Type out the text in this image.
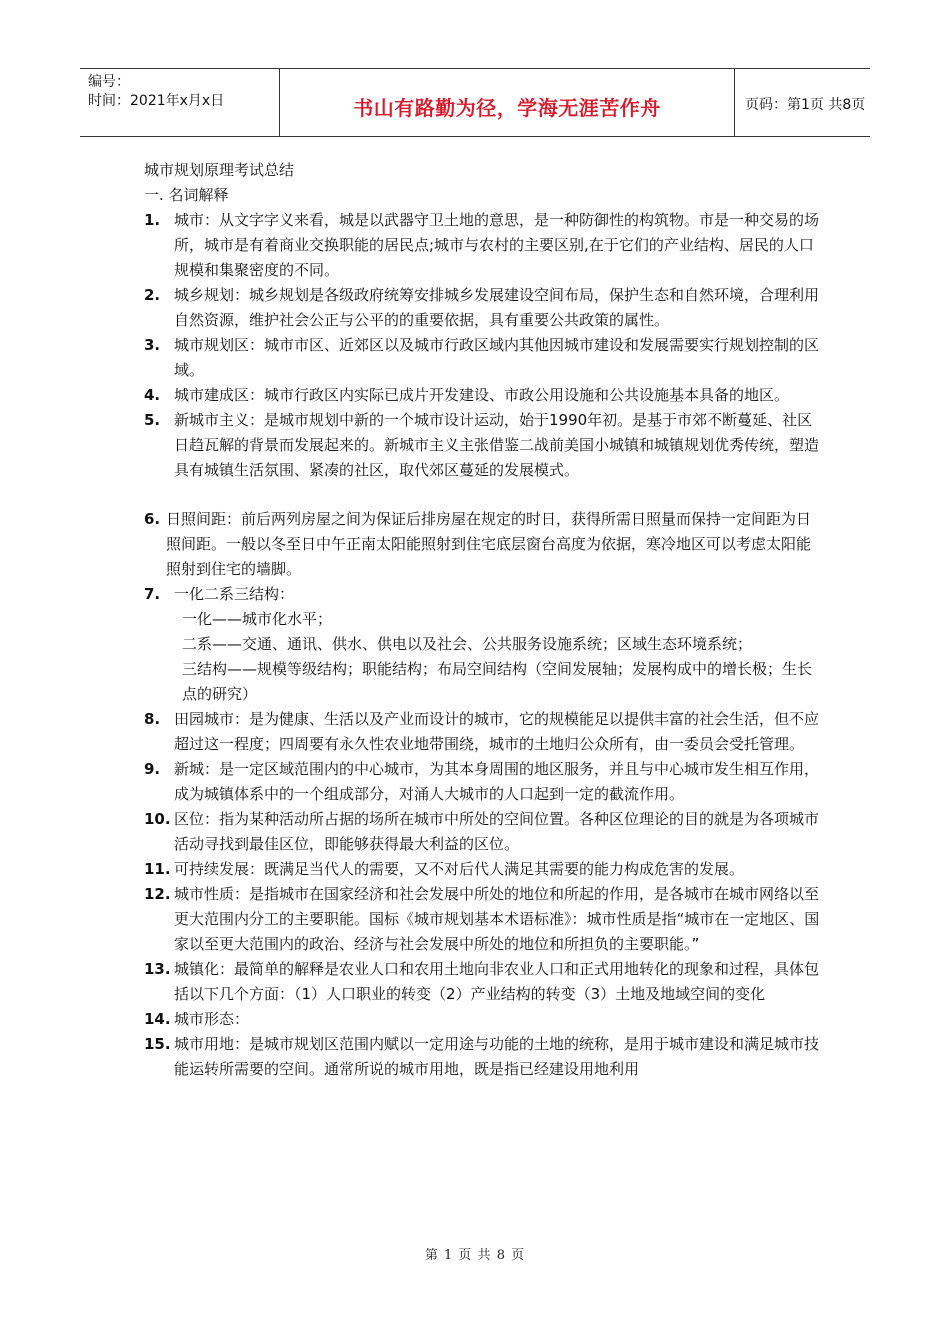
编号：
时间：2021年x月x日	书山有路勤为径，学海无涯苦作舟	页码：第1页 共8页

城市规划原理考试总结

一. 名词解释

1. 城市：从文字字义来看，城是以武器守卫土地的意思，是一种防御性的构筑物。市是一种交易的场所，城市是有着商业交换职能的居民点;城市与农村的主要区别,在于它们的产业结构、居民的人口规模和集聚密度的不同。
2. 城乡规划：城乡规划是各级政府统筹安排城乡发展建设空间布局，保护生态和自然环境，合理利用自然资源，维护社会公正与公平的的重要依据，具有重要公共政策的属性。
3. 城市规划区：城市市区、近郊区以及城市行政区域内其他因城市建设和发展需要实行规划控制的区域。
4. 城市建成区：城市行政区内实际已成片开发建设、市政公用设施和公共设施基本具备的地区。
5. 新城市主义：是城市规划中新的一个城市设计运动，始于1990年初。是基于市郊不断蔓延、社区日趋瓦解的背景而发展起来的。新城市主义主张借鉴二战前美国小城镇和城镇规划优秀传统，塑造具有城镇生活氛围、紧凑的社区，取代郊区蔓延的发展模式。
6. 日照间距：前后两列房屋之间为保证后排房屋在规定的时日，获得所需日照量而保持一定间距为日照间距。一般以冬至日中午正南太阳能照射到住宅底层窗台高度为依据，寒冷地区可以考虑太阳能照射到住宅的墙脚。
7. 一化二系三结构：

一化——城市化水平；

二系——交通、通讯、供水、供电以及社会、公共服务设施系统；区域生态环境系统；

三结构——规模等级结构；职能结构；布局空间结构（空间发展轴；发展构成中的增长极；生长点的研究）

8. 田园城市：是为健康、生活以及产业而设计的城市，它的规模能足以提供丰富的社会生活，但不应超过这一程度；四周要有永久性农业地带围绕，城市的土地归公众所有，由一委员会受托管理。
9. 新城：是一定区域范围内的中心城市，为其本身周围的地区服务，并且与中心城市发生相互作用，成为城镇体系中的一个组成部分，对涌人大城市的人口起到一定的截流作用。
10. 区位：指为某种活动所占据的场所在城市中所处的空间位置。各种区位理论的目的就是为各项城市活动寻找到最佳区位，即能够获得最大利益的区位。
11. 可持续发展：既满足当代人的需要，又不对后代人满足其需要的能力构成危害的发展。
12. 城市性质：是指城市在国家经济和社会发展中所处的地位和所起的作用，是各城市在城市网络以至更大范围内分工的主要职能。国标《城市规划基本术语标准》：城市性质是指“城市在一定地区、国家以至更大范围内的政治、经济与社会发展中所处的地位和所担负的主要职能。”
13. 城镇化：最简单的解释是农业人口和农用土地向非农业人口和正式用地转化的现象和过程，具体包括以下几个方面：（1）人口职业的转变（2）产业结构的转变（3）土地及地域空间的变化
14. 城市形态：
15. 城市用地：是城市规划区范围内赋以一定用途与功能的土地的统称，是用于城市建设和满足城市技能运转所需要的空间。通常所说的城市用地，既是指已经建设用地利用
第 1 页 共 8 页
